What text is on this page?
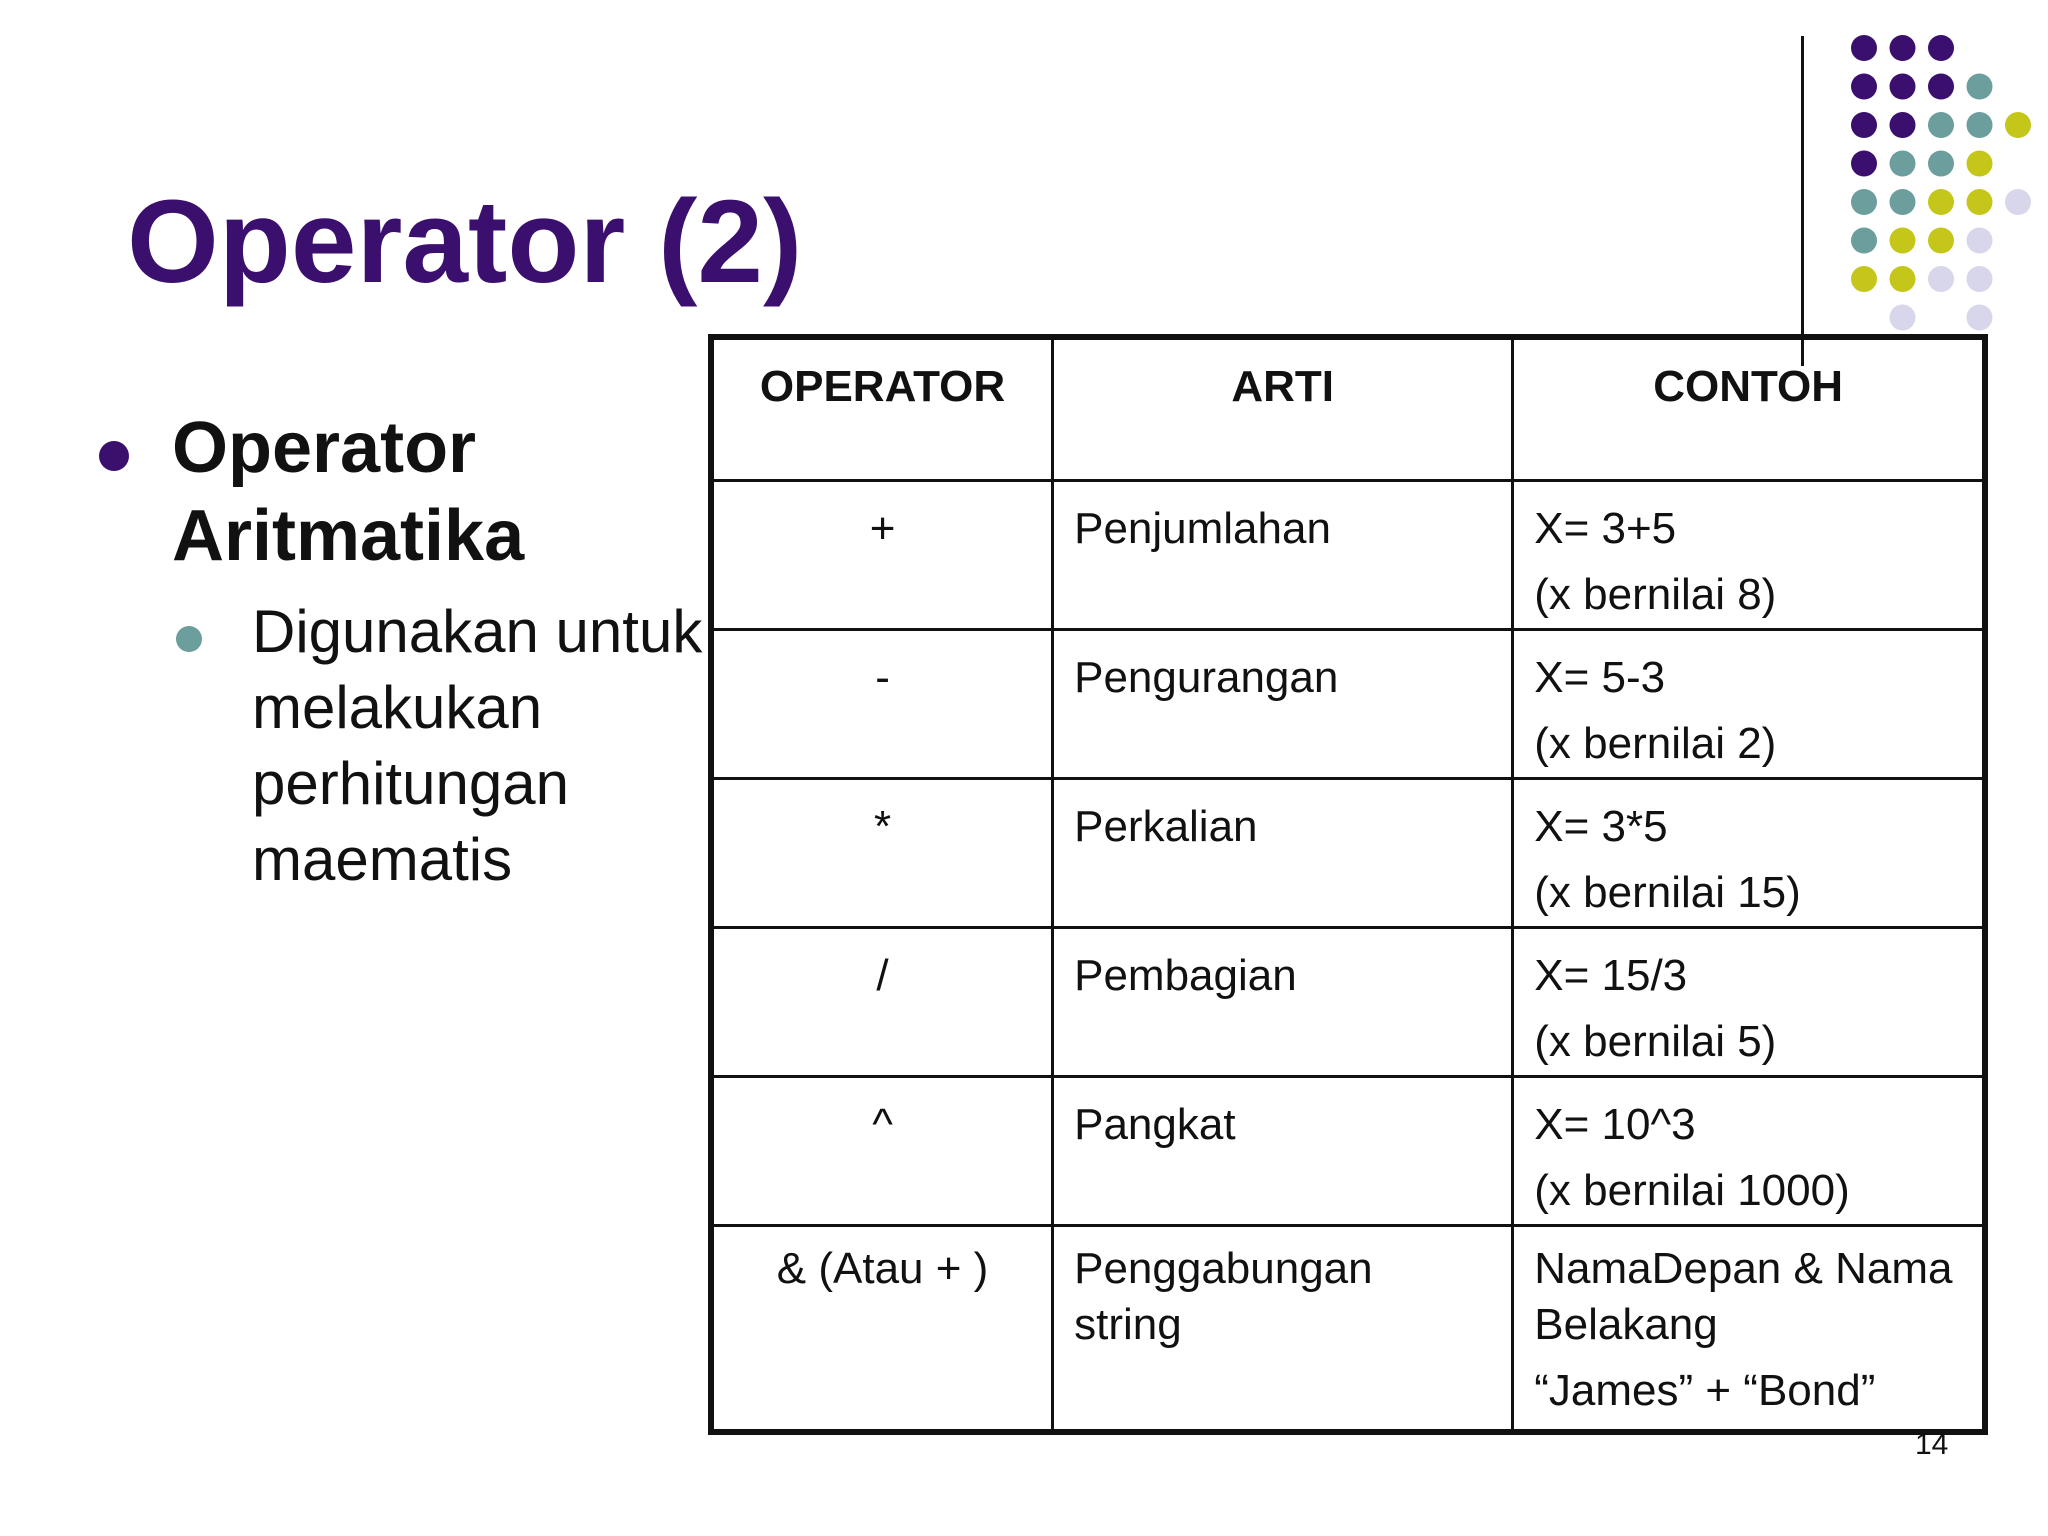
Operator (2)
Operator Aritmatika
Digunakan untuk
melakukan
perhitungan
maematis
OPERATOR	ARTI	CONTOH
+	Penjumlahan	X= 3+5
(x bernilai 8)

-	Pengurangan	X= 5-3
(x bernilai 2)

*	Perkalian	X= 3*5
(x bernilai 15)

/	Pembagian	X= 15/3
(x bernilai 5)

^	Pangkat	X= 10^3
(x bernilai 1000)

& (Atau + )	Penggabungan string	NamaDepan & Nama Belakang
“James” + “Bond”
14
